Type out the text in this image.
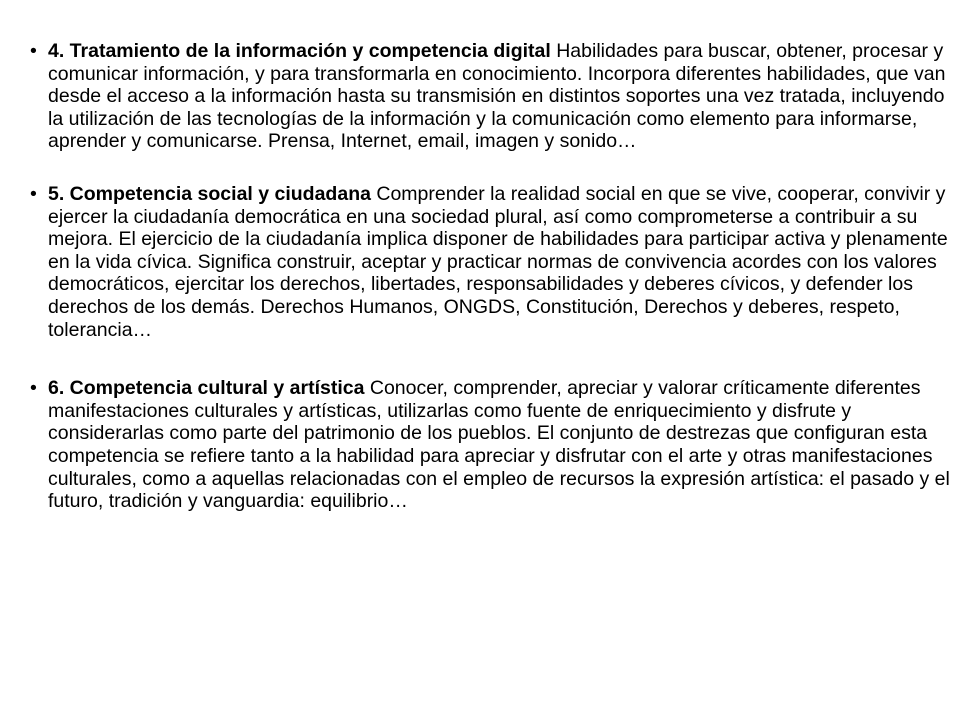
• 4. Tratamiento de la información y competencia digital Habilidades para buscar, obtener, procesar y comunicar información, y para transformarla en conocimiento. Incorpora diferentes habilidades, que van desde el acceso a la información hasta su transmisión en distintos soportes una vez tratada, incluyendo la utilización de las tecnologías de la información y la comunicación como elemento para informarse, aprender y comunicarse. Prensa, Internet, email, imagen y sonido…
• 5. Competencia social y ciudadana Comprender la realidad social en que se vive, cooperar, convivir y ejercer la ciudadanía democrática en una sociedad plural, así como comprometerse a contribuir a su mejora. El ejercicio de la ciudadanía implica disponer de habilidades para participar activa y plenamente en la vida cívica. Significa construir, aceptar y practicar normas de convivencia acordes con los valores democráticos, ejercitar los derechos, libertades, responsabilidades y deberes cívicos, y defender los derechos de los demás. Derechos Humanos, ONGDS, Constitución, Derechos y deberes, respeto, tolerancia…
• 6. Competencia cultural y artística Conocer, comprender, apreciar y valorar críticamente diferentes manifestaciones culturales y artísticas, utilizarlas como fuente de enriquecimiento y disfrute y considerarlas como parte del patrimonio de los pueblos. El conjunto de destrezas que configuran esta competencia se refiere tanto a la habilidad para apreciar y disfrutar con el arte y otras manifestaciones culturales, como a aquellas relacionadas con el empleo de recursos la expresión artística: el pasado y el futuro, tradición y vanguardia: equilibrio…
